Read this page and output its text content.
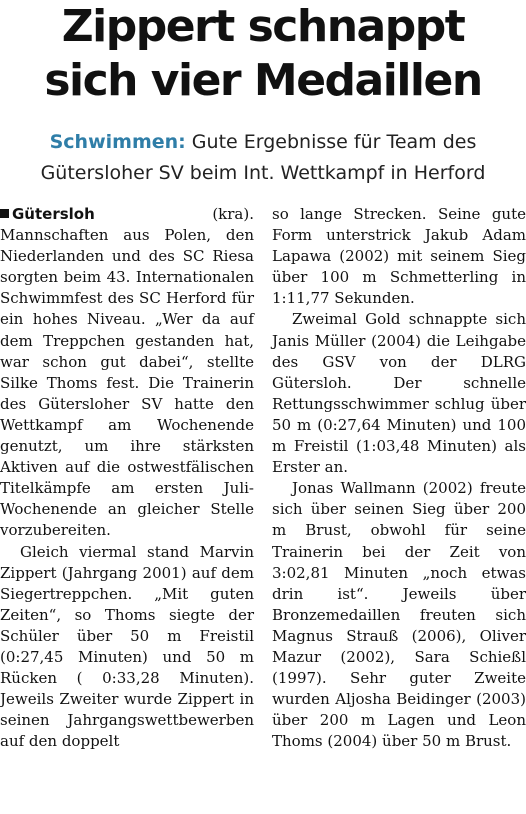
Zippert schnappt
sich vier Medaillen
Schwimmen: Gute Ergebnisse für Team des
Gütersloher SV beim Int. Wettkampf in Herford

Gütersloh (kra). Mannschaften aus Polen, den Niederlanden und des SC Riesa sorgten beim 43. Internationalen Schwimmfest des SC Herford für ein hohes Niveau. „Wer da auf dem Treppchen gestanden hat, war schon gut dabei“, stellte Silke Thoms fest. Die Trainerin des Gütersloher SV hatte den Wettkampf am Wochenende genutzt, um ihre stärksten Aktiven auf die ostwestfälischen Titelkämpfe am ersten Juli-Wochenende an gleicher Stelle vorzubereiten.

Gleich viermal stand Marvin Zippert (Jahrgang 2001) auf dem Siegertreppchen. „Mit guten Zeiten“, so Thoms siegte der Schüler über 50 m Freistil (0:27,45 Minuten) und 50 m Rücken ( 0:33,28 Minuten). Jeweils Zweiter wurde Zippert in seinen Jahrgangswettbewerben auf den doppelt

so lange Strecken. Seine gute Form unterstrick Jakub Adam Lapawa (2002) mit seinem Sieg über 100 m Schmetterling in 1:11,77 Sekunden.

Zweimal Gold schnappte sich Janis Müller (2004) die Leihgabe des GSV von der DLRG Gütersloh. Der schnelle Rettungsschwimmer schlug über 50 m (0:27,64 Minuten) und 100 m Freistil (1:03,48 Minuten) als Erster an.

Jonas Wallmann (2002) freute sich über seinen Sieg über 200 m Brust, obwohl für seine Trainerin bei der Zeit von 3:02,81 Minuten „noch etwas drin ist“. Jeweils über Bronzemedaillen freuten sich Magnus Strauß (2006), Oliver Mazur (2002), Sara Schießl (1997). Sehr guter Zweite wurden Aljosha Beidinger (2003) über 200 m Lagen und Leon Thoms (2004) über 50 m Brust.
